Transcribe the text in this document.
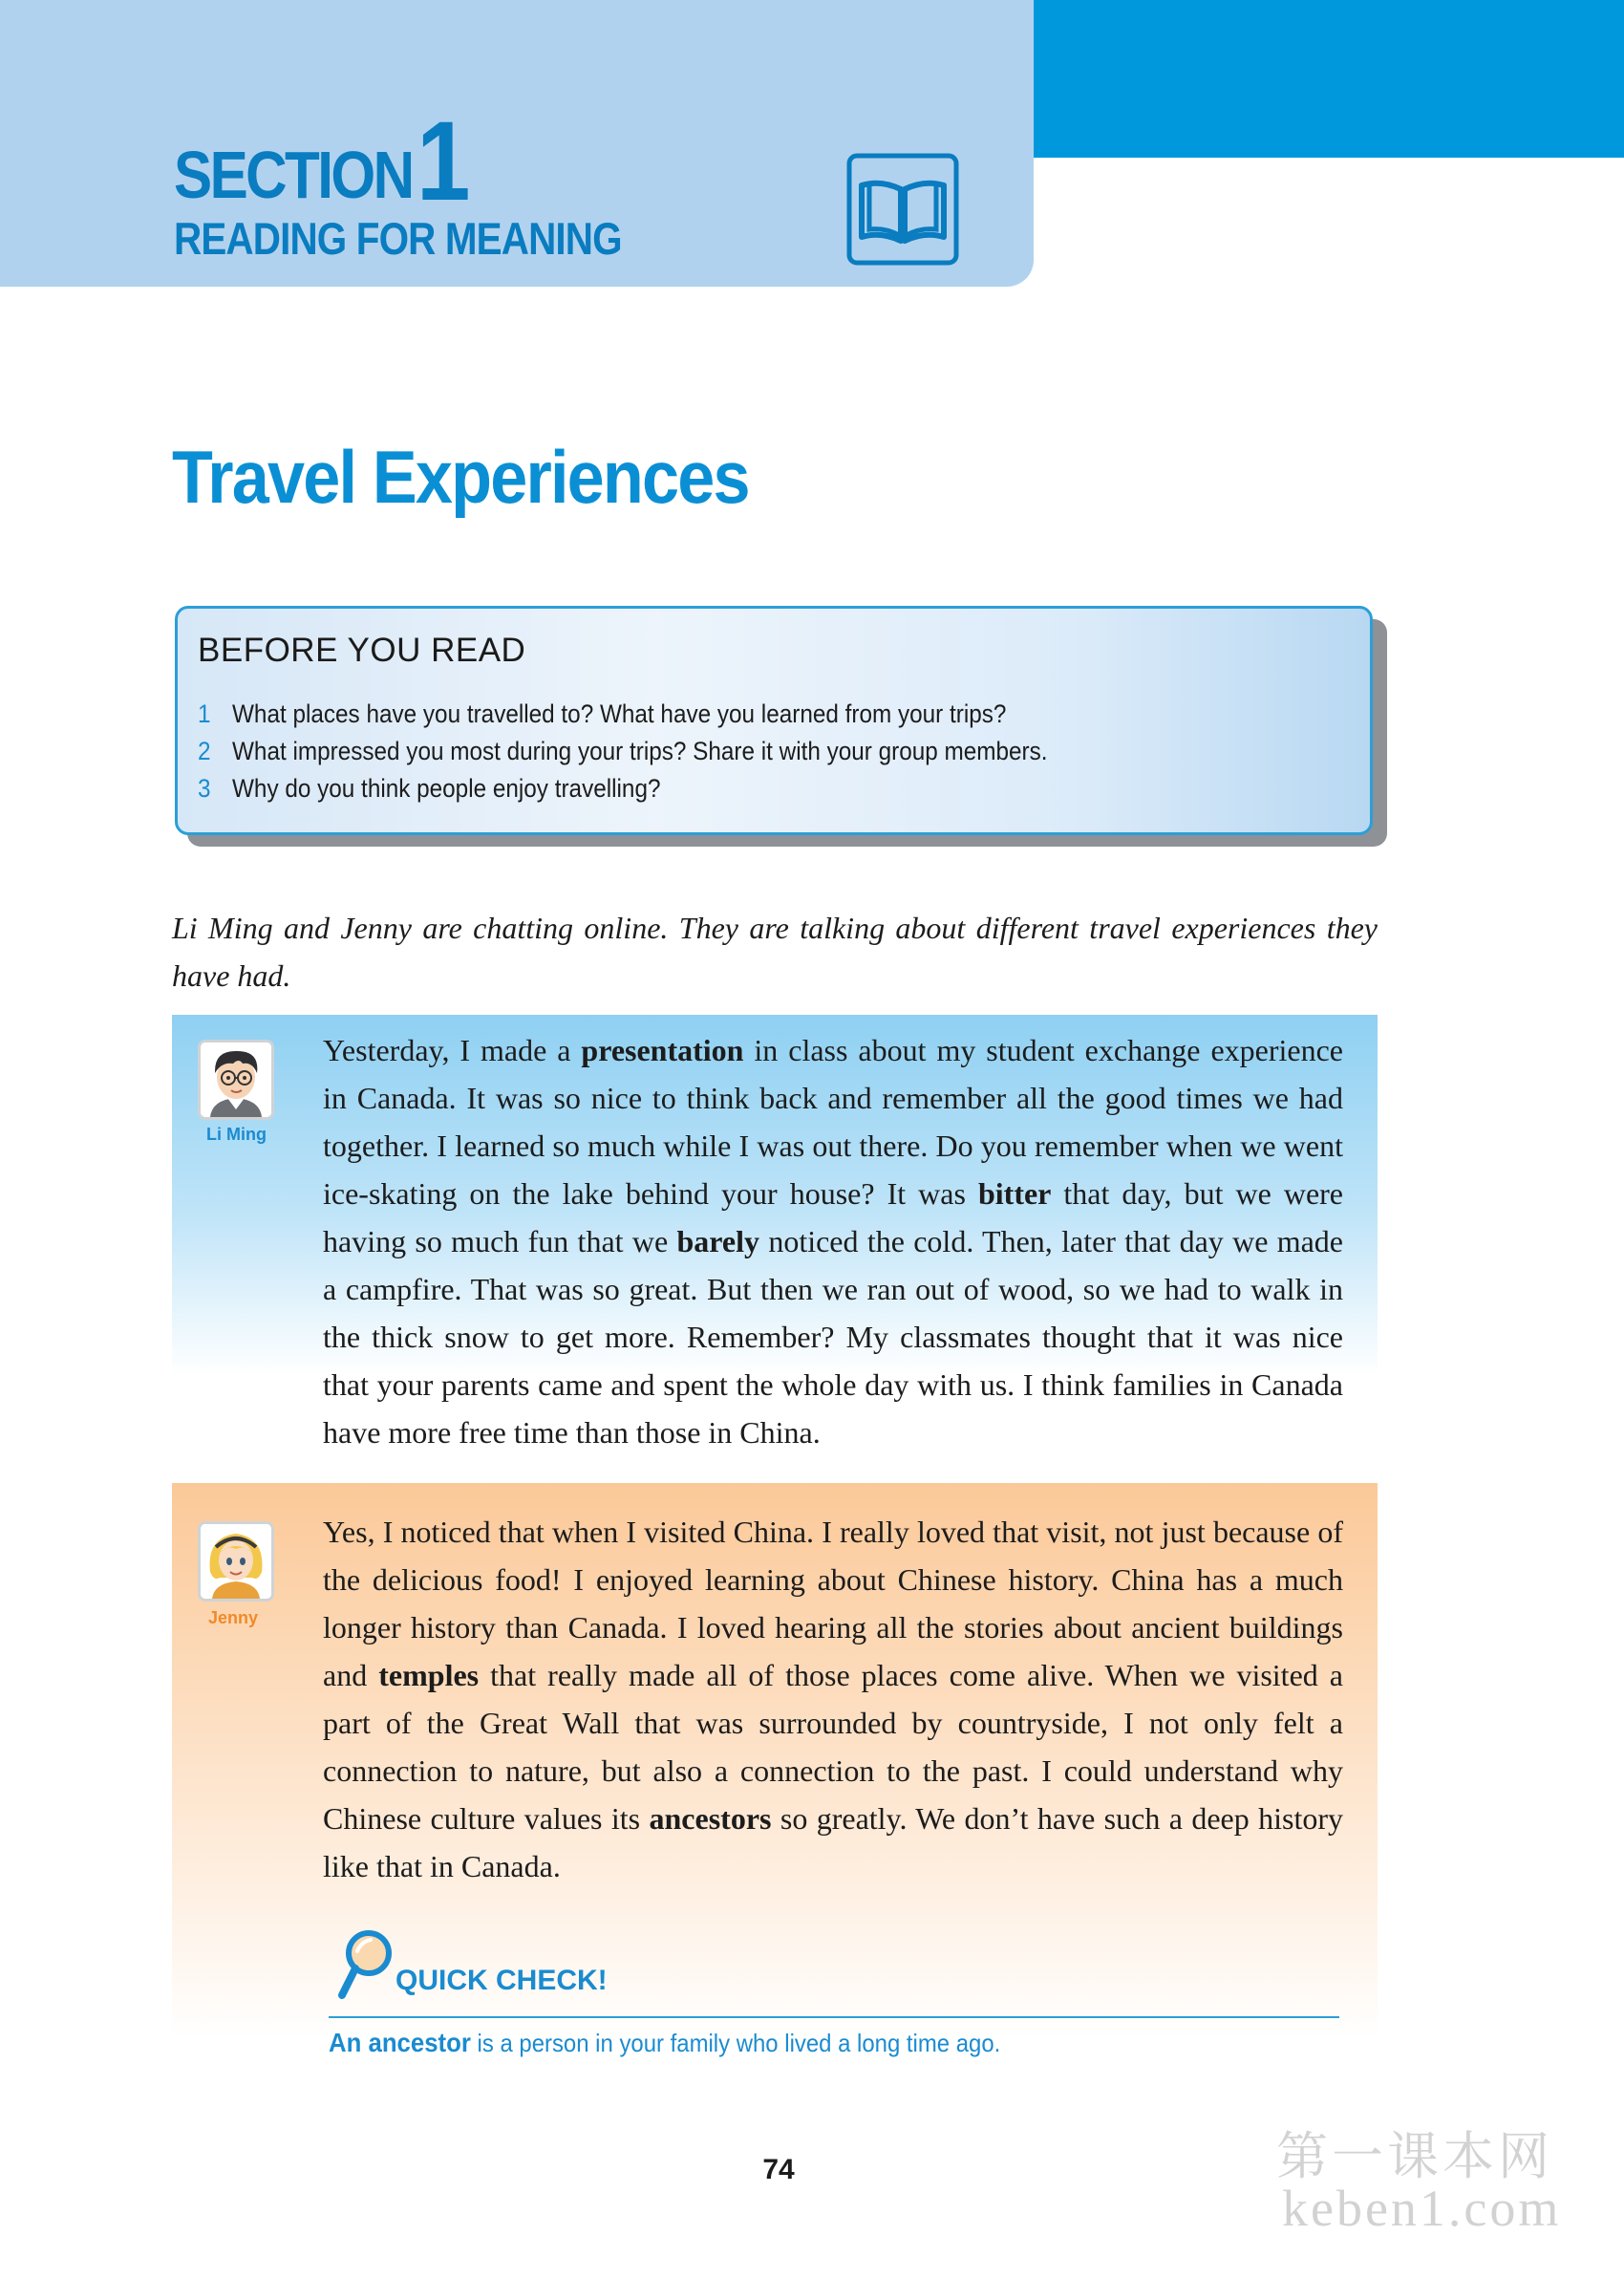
SECTION 1
READING FOR MEANING
Travel Experiences
BEFORE YOU READ
1 What places have you travelled to? What have you learned from your trips?
2 What impressed you most during your trips? Share it with your group members.
3 Why do you think people enjoy travelling?
Li Ming and Jenny are chatting online. They are talking about different travel experiences they have had.
Li Ming
Yesterday, I made a presentation in class about my student exchange experience in Canada. It was so nice to think back and remember all the good times we had together. I learned so much while I was out there. Do you remember when we went ice-skating on the lake behind your house? It was bitter that day, but we were having so much fun that we barely noticed the cold. Then, later that day we made a campfire. That was so great. But then we ran out of wood, so we had to walk in the thick snow to get more. Remember? My classmates thought that it was nice that your parents came and spent the whole day with us. I think families in Canada have more free time than those in China.
Jenny
Yes, I noticed that when I visited China. I really loved that visit, not just because of the delicious food! I enjoyed learning about Chinese history. China has a much longer history than Canada. I loved hearing all the stories about ancient buildings and temples that really made all of those places come alive. When we visited a part of the Great Wall that was surrounded by countryside, I not only felt a connection to nature, but also a connection to the past. I could understand why Chinese culture values its ancestors so greatly. We don’t have such a deep history like that in Canada.
QUICK CHECK!
An ancestor is a person in your family who lived a long time ago.
74	第一课本网
keben1.com
